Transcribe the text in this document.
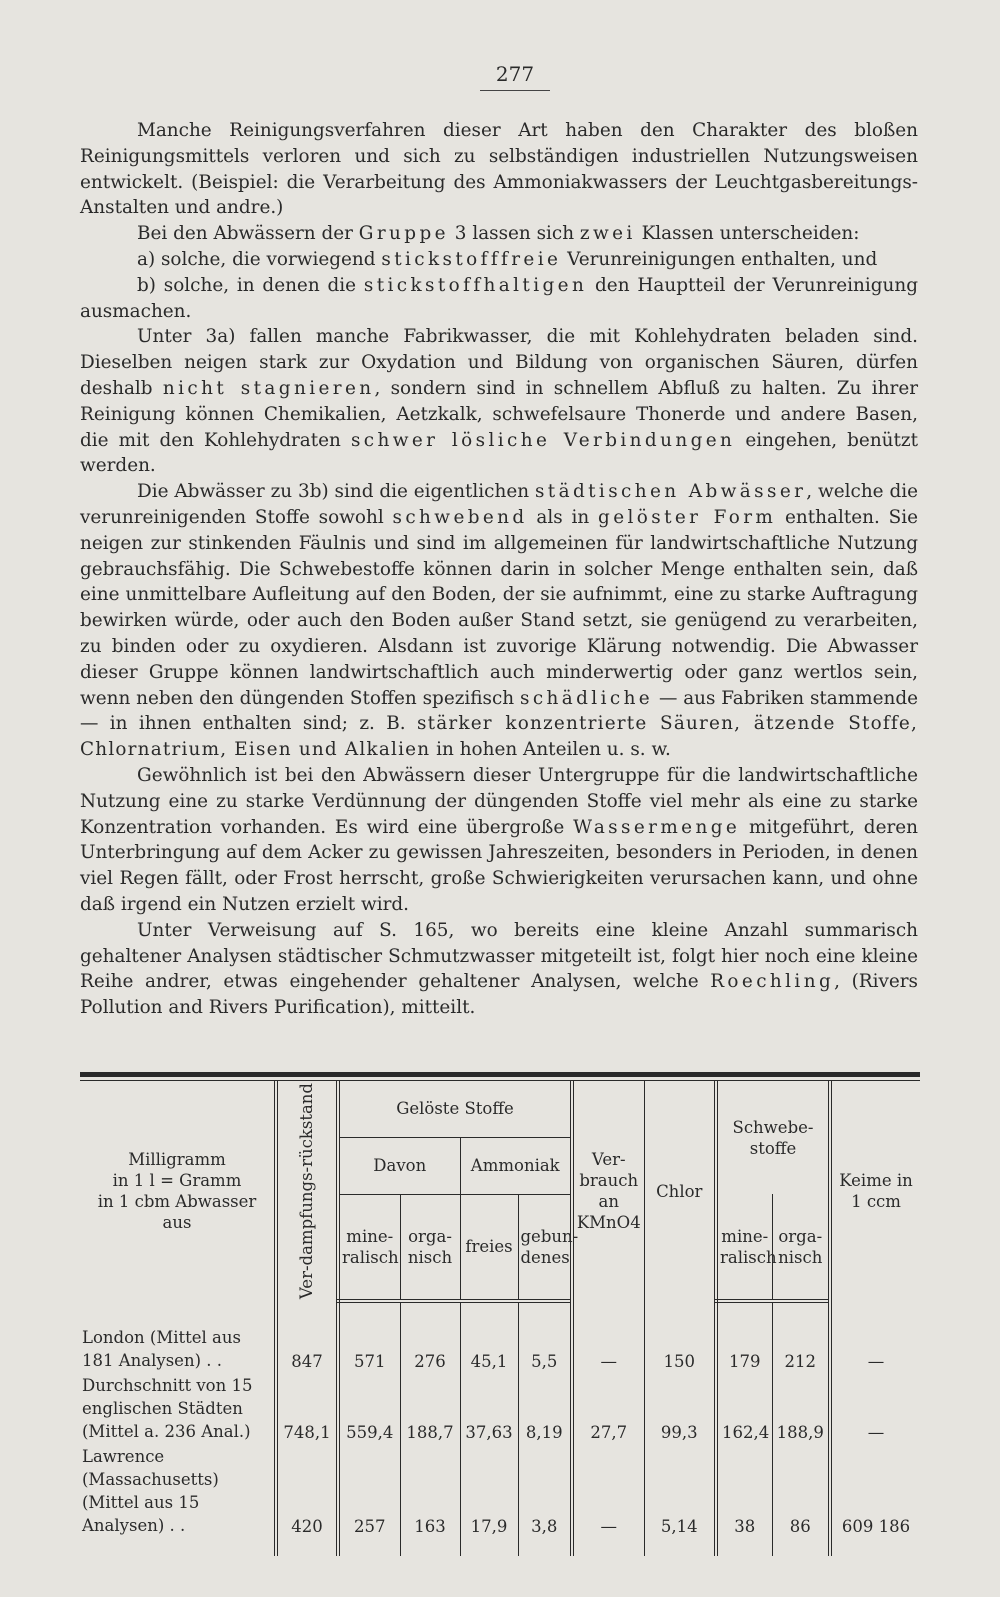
277

Manche Reinigungsverfahren dieser Art haben den Charakter des bloßen Reinigungsmittels verloren und sich zu selbständigen industriellen Nutzungsweisen entwickelt. (Beispiel: die Verarbeitung des Ammoniakwassers der Leuchtgasbereitungs-Anstalten und andre.)

Bei den Abwässern der Gruppe 3 lassen sich zwei Klassen unterscheiden:

a) solche, die vorwiegend stickstofffreie Verunreinigungen enthalten, und

b) solche, in denen die stickstoffhaltigen den Hauptteil der Verunreinigung ausmachen.

Unter 3a) fallen manche Fabrikwasser, die mit Kohlehydraten beladen sind. Dieselben neigen stark zur Oxydation und Bildung von organischen Säuren, dürfen deshalb nicht stagnieren, sondern sind in schnellem Abfluß zu halten. Zu ihrer Reinigung können Chemikalien, Aetzkalk, schwefelsaure Thonerde und andere Basen, die mit den Kohlehydraten schwer lösliche Verbindungen eingehen, benützt werden.

Die Abwässer zu 3b) sind die eigentlichen städtischen Abwässer, welche die verunreinigenden Stoffe sowohl schwebend als in gelöster Form enthalten. Sie neigen zur stinkenden Fäulnis und sind im allgemeinen für landwirtschaftliche Nutzung gebrauchsfähig. Die Schwebestoffe können darin in solcher Menge enthalten sein, daß eine unmittelbare Aufleitung auf den Boden, der sie aufnimmt, eine zu starke Auftragung bewirken würde, oder auch den Boden außer Stand setzt, sie genügend zu verarbeiten, zu binden oder zu oxydieren. Alsdann ist zuvorige Klärung notwendig. Die Abwasser dieser Gruppe können landwirtschaftlich auch minderwertig oder ganz wertlos sein, wenn neben den düngenden Stoffen spezifisch schädliche — aus Fabriken stammende — in ihnen enthalten sind; z. B. stärker konzentrierte Säuren, ätzende Stoffe, Chlornatrium, Eisen und Alkalien in hohen Anteilen u. s. w.

Gewöhnlich ist bei den Abwässern dieser Untergruppe für die landwirtschaftliche Nutzung eine zu starke Verdünnung der düngenden Stoffe viel mehr als eine zu starke Konzentration vorhanden. Es wird eine übergroße Wassermenge mitgeführt, deren Unterbringung auf dem Acker zu gewissen Jahreszeiten, besonders in Perioden, in denen viel Regen fällt, oder Frost herrscht, große Schwierigkeiten verursachen kann, und ohne daß irgend ein Nutzen erzielt wird.

Unter Verweisung auf S. 165, wo bereits eine kleine Anzahl summarisch gehaltener Analysen städtischer Schmutzwasser mitgeteilt ist, folgt hier noch eine kleine Reihe andrer, etwas eingehender gehaltener Analysen, welche Roechling, (Rivers Pollution and Rivers Purification), mitteilt.

Milligramm
in 1 l = Gramm
in 1 cbm Abwasser
aus	Ver-dampfungs-rückstand	Gelöste Stoffe				Ver-brauch an KMnO4	Chlor	Schwebe-stoffe		Keime in 1 ccm
		Davon		Ammoniak						
		mine-ralisch	orga-nisch	freies	gebun-denes			mine-ralisch	orga-nisch	

London (Mittel aus 181 Analysen) . .	847	571	276	45,1	5,5	—	150	179	212	—
Durchschnitt von 15 englischen Städten (Mittel a. 236 Anal.)	748,1	559,4	188,7	37,63	8,19	27,7	99,3	162,4	188,9	—
Lawrence (Massachusetts) (Mittel aus 15 Analysen) . .	420	257	163	17,9	3,8	—	5,14	38	86	609 186
